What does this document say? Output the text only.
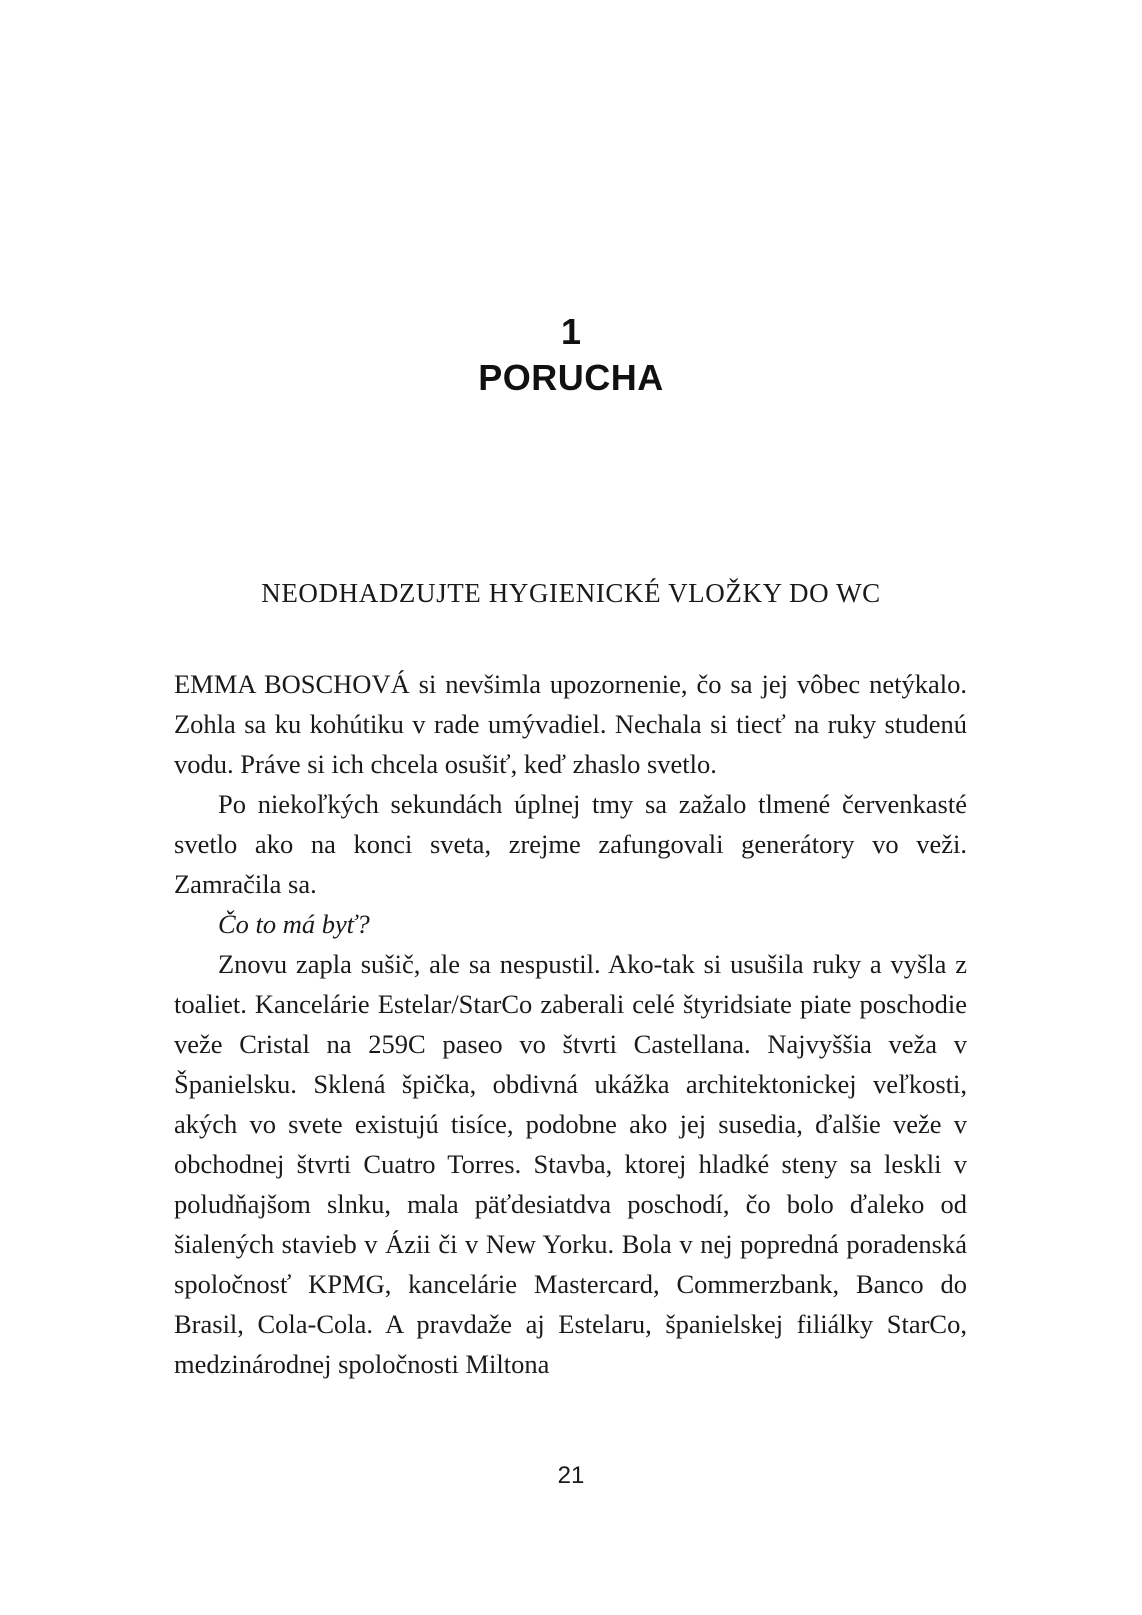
1
PORUCHA
NEODHADZUJTE HYGIENICKÉ VLOŽKY DO WC

EMMA BOSCHOVÁ si nevšimla upozornenie, čo sa jej vôbec netýkalo. Zohla sa ku kohútiku v rade umývadiel. Nechala si tiecť na ruky studenú vodu. Práve si ich chcela osušiť, keď zhaslo svetlo.

Po niekoľkých sekundách úplnej tmy sa zažalo tlmené červenkasté svetlo ako na konci sveta, zrejme zafungovali generátory vo veži. Zamračila sa.

Čo to má byť?

Znovu zapla sušič, ale sa nespustil. Ako-tak si usušila ruky a vyšla z toaliet. Kancelárie Estelar/StarCo zaberali celé štyridsiate piate poschodie veže Cristal na 259C paseo vo štvrti Castellana. Najvyššia veža v Španielsku. Sklená špička, obdivná ukážka architektonickej veľkosti, akých vo svete existujú tisíce, podobne ako jej susedia, ďalšie veže v obchodnej štvrti Cuatro Torres. Stavba, ktorej hladké steny sa leskli v poludňajšom slnku, mala päťdesiatdva poschodí, čo bolo ďaleko od šialených stavieb v Ázii či v New Yorku. Bola v nej popredná poradenská spoločnosť KPMG, kancelárie Mastercard, Commerzbank, Banco do Brasil, Cola-Cola. A pravdaže aj Estelaru, španielskej filiálky StarCo, medzinárodnej spoločnosti Miltona

21
